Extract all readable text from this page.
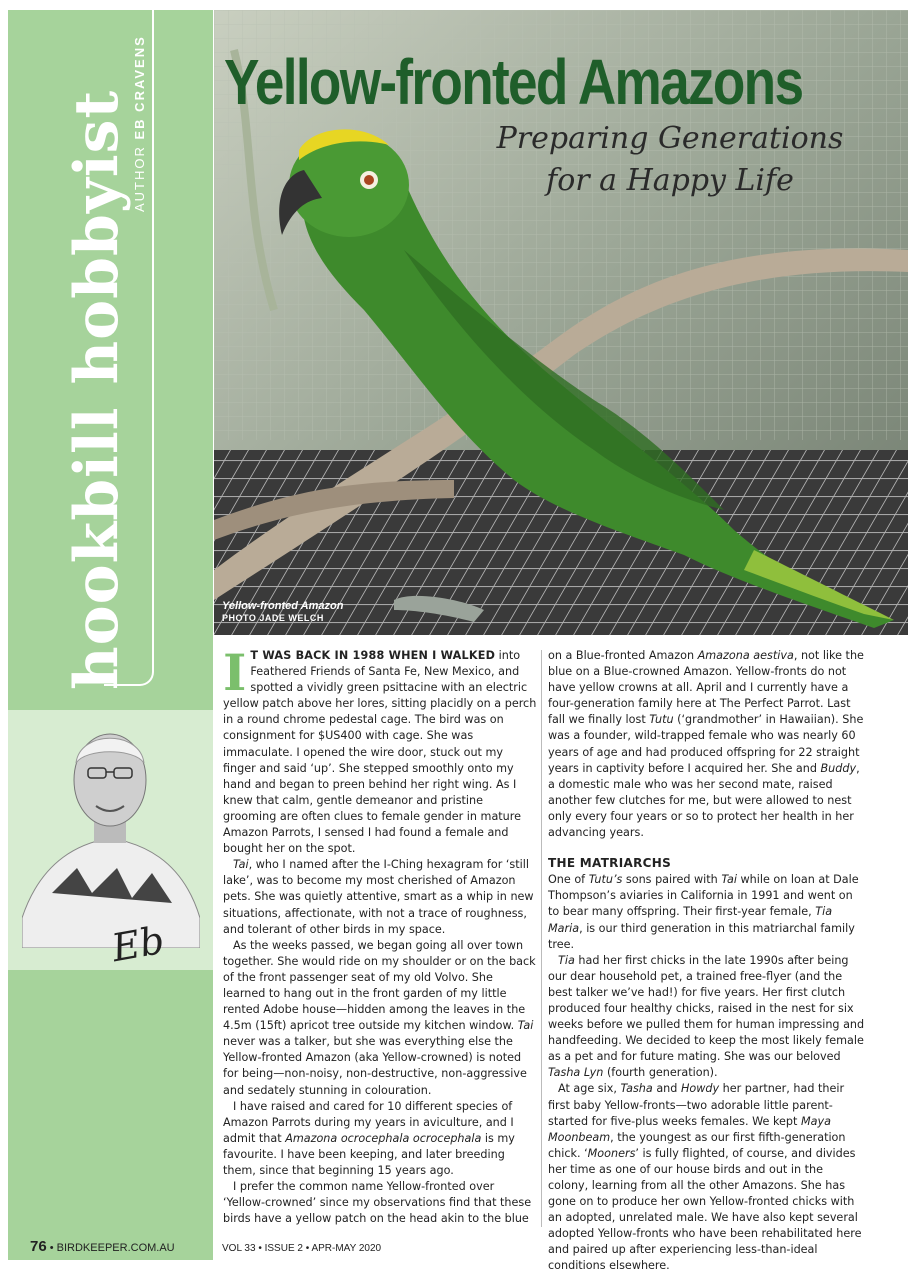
hookbill hobbyist AUTHOR EB CRAVENS
Eb
76 • BIRDKEEPER.COM.AU	VOL 33 • ISSUE 2 • APR-MAY 2020
Yellow-fronted Amazons
Preparing Generations
for a Happy Life
Yellow-fronted Amazon
PHOTO JADE WELCH

I T WAS BACK IN 1988 WHEN I WALKED into Feathered Friends of Santa Fe, New Mexico, and spotted a vividly green psittacine with an electric yellow patch above her lores, sitting placidly on a perch in a round chrome pedestal cage. The bird was on consignment for $US400 with cage. She was immaculate. I opened the wire door, stuck out my finger and said ‘up’. She stepped smoothly onto my hand and began to preen behind her right wing. As I knew that calm, gentle demeanor and pristine grooming are often clues to female gender in mature Amazon Parrots, I sensed I had found a female and bought her on the spot.

Tai, who I named after the I-Ching hexagram for ‘still lake’, was to become my most cherished of Amazon pets. She was quietly attentive, smart as a whip in new situations, affectionate, with not a trace of roughness, and tolerant of other birds in my space.

As the weeks passed, we began going all over town together. She would ride on my shoulder or on the back of the front passenger seat of my old Volvo. She learned to hang out in the front garden of my little rented Adobe house—hidden among the leaves in the 4.5m (15ft) apricot tree outside my kitchen window. Tai never was a talker, but she was everything else the Yellow-fronted Amazon (aka Yellow-crowned) is noted for being—non-noisy, non-destructive, non-aggressive and sedately stunning in colouration.

I have raised and cared for 10 different species of Amazon Parrots during my years in aviculture, and I admit that Amazona ocrocephala ocrocephala is my favourite. I have been keeping, and later breeding them, since that beginning 15 years ago.

I prefer the common name Yellow-fronted over ‘Yellow-crowned’ since my observations find that these birds have a yellow patch on the head akin to the blue

on a Blue-fronted Amazon Amazona aestiva, not like the blue on a Blue-crowned Amazon. Yellow-fronts do not have yellow crowns at all. April and I currently have a four-generation family here at The Perfect Parrot. Last fall we finally lost Tutu (‘grandmother’ in Hawaiian). She was a founder, wild-trapped female who was nearly 60 years of age and had produced offspring for 22 straight years in captivity before I acquired her. She and Buddy, a domestic male who was her second mate, raised another few clutches for me, but were allowed to nest only every four years or so to protect her health in her advancing years.

THE MATRIARCHS

One of Tutu’s sons paired with Tai while on loan at Dale Thompson’s aviaries in California in 1991 and went on to bear many offspring. Their first-year female, Tia Maria, is our third generation in this matriarchal family tree.

Tia had her first chicks in the late 1990s after being our dear household pet, a trained free-flyer (and the best talker we’ve had!) for five years. Her first clutch produced four healthy chicks, raised in the nest for six weeks before we pulled them for human impressing and handfeeding. We decided to keep the most likely female as a pet and for future mating. She was our beloved Tasha Lyn (fourth generation).

At age six, Tasha and Howdy her partner, had their first baby Yellow-fronts—two adorable little parent-started for five-plus weeks females. We kept Maya Moonbeam, the youngest as our first fifth-generation chick. ‘Mooners’ is fully flighted, of course, and divides her time as one of our house birds and out in the colony, learning from all the other Amazons. She has gone on to produce her own Yellow-fronted chicks with an adopted, unrelated male. We have also kept several adopted Yellow-fronts who have been rehabilitated here and paired up after experiencing less-than-ideal conditions elsewhere.
